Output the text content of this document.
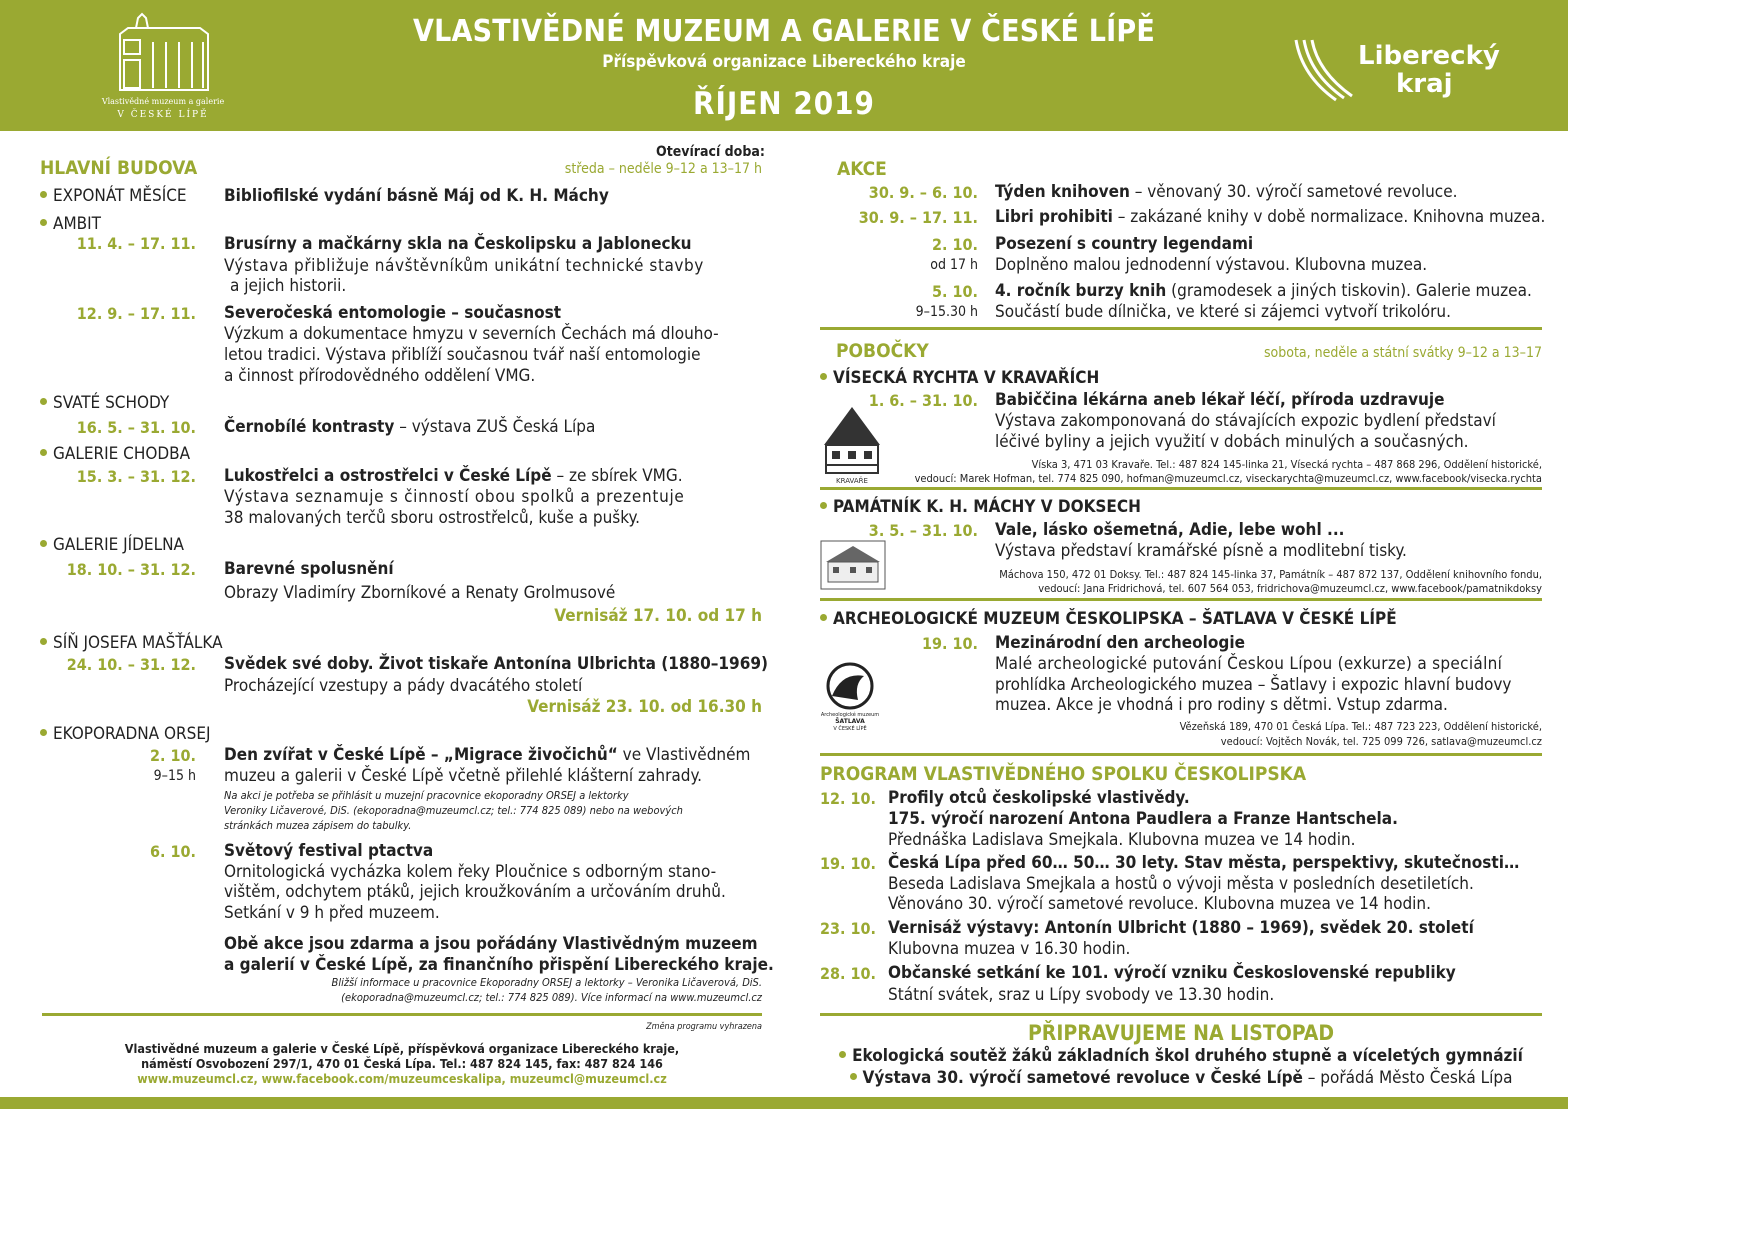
Vlastivědné muzeum a galerie
V ČESKÉ LÍPĚ
VLASTIVĚDNÉ MUZEUM A GALERIE V ČESKÉ LÍPĚ
Příspěvková organizace Libereckého kraje
ŘÍJEN 2019
Liberecký
kraj
Otevírací doba:
HLAVNÍ BUDOVA	středa – neděle 9–12 a 13–17 h
EXPONÁT MĚSÍCE Bibliofilské vydání básně Máj od K. H. Máchy
AMBIT
11. 4. – 17. 11. Brusírny a mačkárny skla na Českolipsku a Jablonecku
Výstava přibližuje návštěvníkům unikátní technické stavby
a jejich historii.
12. 9. – 17. 11. Severočeská entomologie – současnost
Výzkum a dokumentace hmyzu v severních Čechách má dlouho-
letou tradici. Výstava přiblíží současnou tvář naší entomologie
a činnost přírodovědného oddělení VMG.
SVATÉ SCHODY
16. 5. – 31. 10. Černobílé kontrasty – výstava ZUŠ Česká Lípa
GALERIE CHODBA
15. 3. – 31. 12. Lukostřelci a ostrostřelci v České Lípě – ze sbírek VMG.
Výstava seznamuje s činností obou spolků a prezentuje
38 malovaných terčů sboru ostrostřelců, kuše a pušky.
GALERIE JÍDELNA
18. 10. – 31. 12. Barevné spolusnění
Obrazy Vladimíry Zborníkové a Renaty Grolmusové
Vernisáž 17. 10. od 17 h
SÍŇ JOSEFA MAŠŤÁLKA
24. 10. – 31. 12. Svědek své doby. Život tiskaře Antonína Ulbrichta (1880–1969)
Procházející vzestupy a pády dvacátého století
Vernisáž 23. 10. od 16.30 h
EKOPORADNA ORSEJ
2. 10.
9–15 h
Den zvířat v České Lípě – „Migrace živočichů“ ve Vlastivědném
muzeu a galerii v České Lípě včetně přilehlé klášterní zahrady.
Na akci je potřeba se přihlásit u muzejní pracovnice ekoporadny ORSEJ a lektorky
Veroniky Ličaverové, DiS. (ekoporadna@muzeumcl.cz; tel.: 774 825 089) nebo na webových
stránkách muzea zápisem do tabulky.
6. 10. Světový festival ptactva
Ornitologická vycházka kolem řeky Ploučnice s odborným stano-
vištěm, odchytem ptáků, jejich kroužkováním a určováním druhů.
Setkání v 9 h před muzeem.
Obě akce jsou zdarma a jsou pořádány Vlastivědným muzeem
a galerií v České Lípě, za finančního přispění Libereckého kraje.
Bližší informace u pracovnice Ekoporadny ORSEJ a lektorky – Veronika Ličaverová, DiS.
(ekoporadna@muzeumcl.cz; tel.: 774 825 089). Více informací na www.muzeumcl.cz
Změna programu vyhrazena
Vlastivědné muzeum a galerie v České Lípě, příspěvková organizace Libereckého kraje,
náměstí Osvobození 297/1, 470 01 Česká Lípa. Tel.: 487 824 145, fax: 487 824 146
www.muzeumcl.cz, www.facebook.com/muzeumceskalipa, muzeumcl@muzeumcl.cz
AKCE
30. 9. – 6. 10. Týden knihoven – věnovaný 30. výročí sametové revoluce.
30. 9. – 17. 11. Libri prohibiti – zakázané knihy v době normalizace. Knihovna muzea.
2. 10.
od 17 h
Posezení s country legendami
Doplněno malou jednodenní výstavou. Klubovna muzea.
5. 10.
9–15.30 h
4. ročník burzy knih (gramodesek a jiných tiskovin). Galerie muzea.
Součástí bude dílnička, ve které si zájemci vytvoří trikolóru.
POBOČKY	sobota, neděle a státní svátky 9–12 a 13–17
VÍSECKÁ RYCHTA V KRAVAŘÍCH
1. 6. – 31. 10. Babiččina lékárna aneb lékař léčí, příroda uzdravuje
Výstava zakomponovaná do stávajících expozic bydlení představí
léčivé byliny a jejich využití v dobách minulých a současných.
KRAVAŘE
Víska 3, 471 03 Kravaře. Tel.: 487 824 145-linka 21, Vísecká rychta – 487 868 296, Oddělení historické,
vedoucí: Marek Hofman, tel. 774 825 090, hofman@muzeumcl.cz, viseckarychta@muzeumcl.cz, www.facebook/visecka.rychta
PAMÁTNÍK K. H. MÁCHY V DOKSECH
3. 5. – 31. 10. Vale, lásko ošemetná, Adie, lebe wohl ...
Výstava představí kramářské písně a modlitební tisky.
Máchova 150, 472 01 Doksy. Tel.: 487 824 145-linka 37, Památník – 487 872 137, Oddělení knihovního fondu,
vedoucí: Jana Fridrichová, tel. 607 564 053, fridrichova@muzeumcl.cz, www.facebook/pamatnikdoksy
ARCHEOLOGICKÉ MUZEUM ČESKOLIPSKA – ŠATLAVA V ČESKÉ LÍPĚ
19. 10. Mezinárodní den archeologie
Malé archeologické putování Českou Lípou (exkurze) a speciální
prohlídka Archeologického muzea – Šatlavy i expozic hlavní budovy
muzea. Akce je vhodná i pro rodiny s dětmi. Vstup zdarma.
Archeologické muzeum
ŠATLAVA
V ČESKÉ LÍPĚ	Vězeňská 189, 470 01 Česká Lípa. Tel.: 487 723 223, Oddělení historické,
vedoucí: Vojtěch Novák, tel. 725 099 726, satlava@muzeumcl.cz
PROGRAM VLASTIVĚDNÉHO SPOLKU ČESKOLIPSKA
12. 10. Profily otců českolipské vlastivědy.
175. výročí narození Antona Paudlera a Franze Hantschela.
Přednáška Ladislava Smejkala. Klubovna muzea ve 14 hodin.
19. 10. Česká Lípa před 60… 50… 30 lety. Stav města, perspektivy, skutečnosti…
Beseda Ladislava Smejkala a hostů o vývoji města v posledních desetiletích.
Věnováno 30. výročí sametové revoluce. Klubovna muzea ve 14 hodin.
23. 10. Vernisáž výstavy: Antonín Ulbricht (1880 – 1969), svědek 20. století
Klubovna muzea v 16.30 hodin.
28. 10. Občanské setkání ke 101. výročí vzniku Československé republiky
Státní svátek, sraz u Lípy svobody ve 13.30 hodin.
PŘIPRAVUJEME NA LISTOPAD
Ekologická soutěž žáků základních škol druhého stupně a víceletých gymnázií
Výstava 30. výročí sametové revoluce v České Lípě – pořádá Město Česká Lípa
